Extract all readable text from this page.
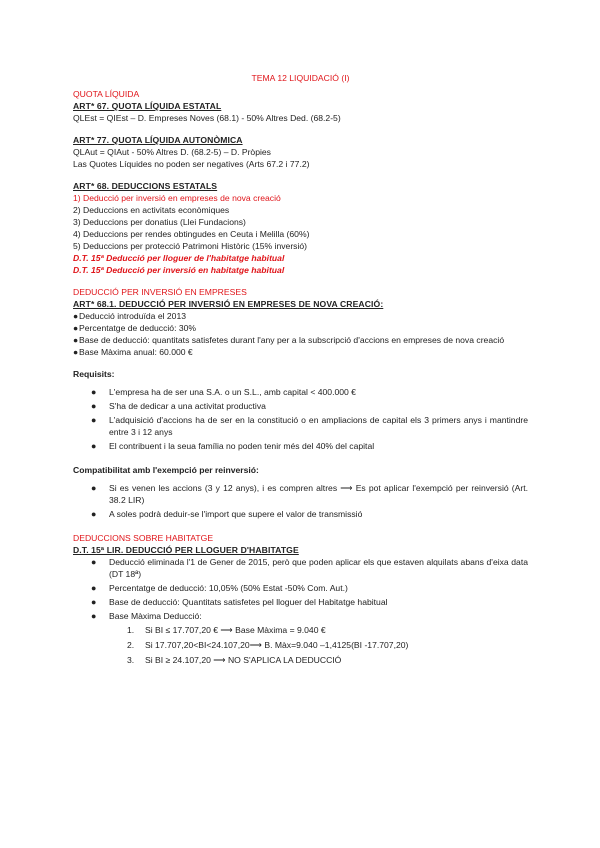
TEMA 12 LIQUIDACIÓ (I)

QUOTA LÍQUIDA

ART* 67. QUOTA LÍQUIDA ESTATAL

QLEst = QIEst – D. Empreses Noves (68.1) - 50% Altres Ded. (68.2-5)

ART* 77. QUOTA LÍQUIDA AUTONÒMICA

QLAut = QIAut - 50% Altres D. (68.2-5) – D. Pròpies

Las Quotes Líquides no poden ser negatives (Arts 67.2 i 77.2)

ART* 68. DEDUCCIONS ESTATALS

1) Deducció per inversió en empreses de nova creació

2) Deduccions en activitats econòmiques

3) Deduccions per donatius (Llei Fundacions)

4) Deduccions per rendes obtingudes en Ceuta i Melilla (60%)

5) Deduccions per protecció Patrimoni Històric (15% inversió)

D.T. 15ª Deducció per lloguer de l'habitatge habitual

D.T. 15ª Deducció per inversió en habitatge habitual

DEDUCCIÓ PER INVERSIÓ EN EMPRESES

ART* 68.1. DEDUCCIÓ PER INVERSIÓ EN EMPRESES DE NOVA CREACIÓ:

● Deducció introduïda el 2013

● Percentatge de deducció: 30%

● Base de deducció: quantitats satisfetes durant l'any per a la subscripció d'accions en empreses de nova creació

● Base Màxima anual: 60.000 €

Requisits:

● L'empresa ha de ser una S.A. o un S.L., amb capital < 400.000 €
● S'ha de dedicar a una activitat productiva
● L'adquisició d'accions ha de ser en la constitució o en ampliacions de capital els 3 primers anys i mantindre entre 3 i 12 anys
● El contribuent i la seua família no poden tenir més del 40% del capital

Compatibilitat amb l'exempció per reinversió:

● Si es venen les accions (3 y 12 anys), i es compren altres ⟶ Es pot aplicar l'exempció per reinversió (Art. 38.2 LIR)
● A soles podrà deduir-se l'import que supere el valor de transmissió

DEDUCCIONS SOBRE HABITATGE

D.T. 15ª LIR. DEDUCCIÓ PER LLOGUER D'HABITATGE

● Deducció eliminada l'1 de Gener de 2015, però que poden aplicar els que estaven alquilats abans d'eixa data (DT 18ª)
● Percentatge de deducció: 10,05% (50% Estat -50% Com. Aut.)
● Base de deducció: Quantitats satisfetes pel lloguer del Habitatge habitual
● Base Màxima Deducció:

1. Si BI ≤ 17.707,20 € ⟶ Base Màxima = 9.040 €

2. Si 17.707,20<BI<24.107,20⟶ B. Màx=9.040 –1,4125(BI -17.707,20)

3. Si BI ≥ 24.107,20 ⟶ NO S'APLICA LA DEDUCCIÓ
